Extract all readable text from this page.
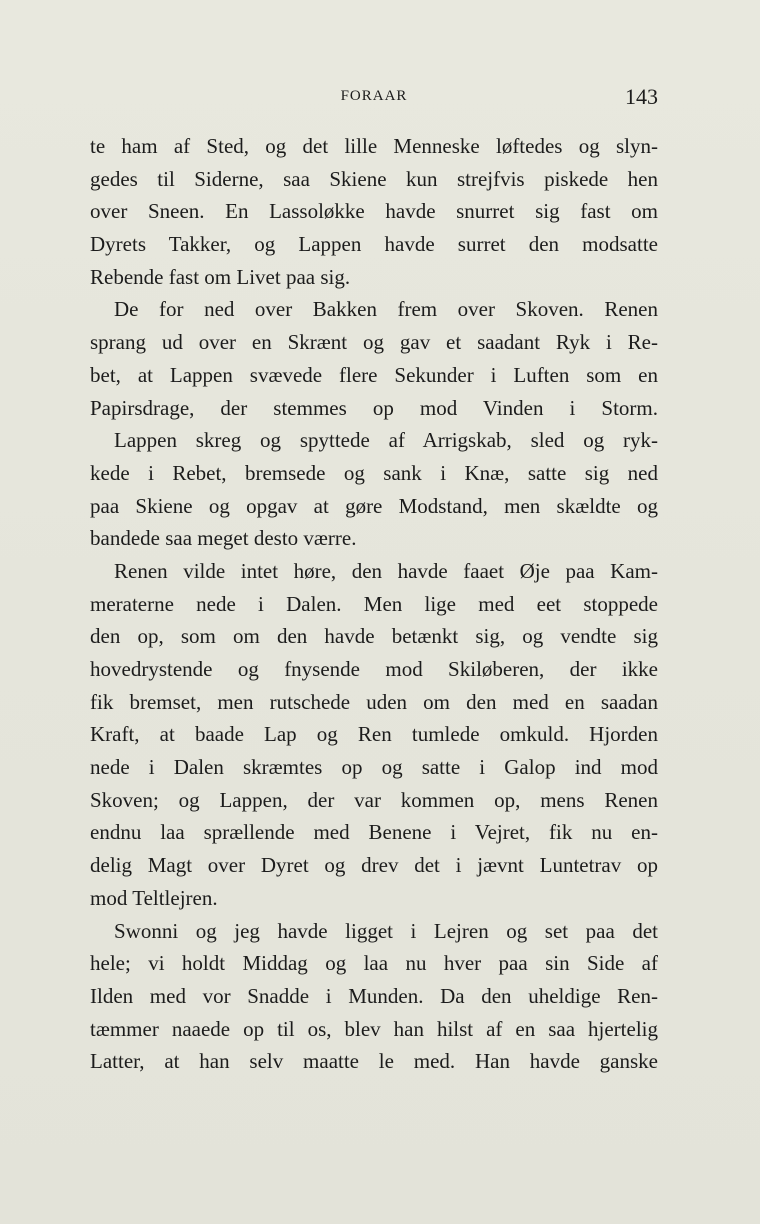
FORAAR	143
te ham af Sted, og det lille Menneske løftedes og slyn-
gedes til Siderne, saa Skiene kun strejfvis piskede hen
over Sneen. En Lassoløkke havde snurret sig fast om
Dyrets Takker, og Lappen havde surret den modsatte
Rebende fast om Livet paa sig.
De for ned over Bakken frem over Skoven. Renen
sprang ud over en Skrænt og gav et saadant Ryk i Re-
bet, at Lappen svævede flere Sekunder i Luften som en
Papirsdrage, der stemmes op mod Vinden i Storm.
Lappen skreg og spyttede af Arrigskab, sled og ryk-
kede i Rebet, bremsede og sank i Knæ, satte sig ned
paa Skiene og opgav at gøre Modstand, men skældte og
bandede saa meget desto værre.
Renen vilde intet høre, den havde faaet Øje paa Kam-
meraterne nede i Dalen. Men lige med eet stoppede
den op, som om den havde betænkt sig, og vendte sig
hovedrystende og fnysende mod Skiløberen, der ikke
fik bremset, men rutschede uden om den med en saadan
Kraft, at baade Lap og Ren tumlede omkuld. Hjorden
nede i Dalen skræmtes op og satte i Galop ind mod
Skoven; og Lappen, der var kommen op, mens Renen
endnu laa sprællende med Benene i Vejret, fik nu en-
delig Magt over Dyret og drev det i jævnt Luntetrav op
mod Teltlejren.
Swonni og jeg havde ligget i Lejren og set paa det
hele; vi holdt Middag og laa nu hver paa sin Side af
Ilden med vor Snadde i Munden. Da den uheldige Ren-
tæmmer naaede op til os, blev han hilst af en saa hjertelig
Latter, at han selv maatte le med. Han havde ganske
